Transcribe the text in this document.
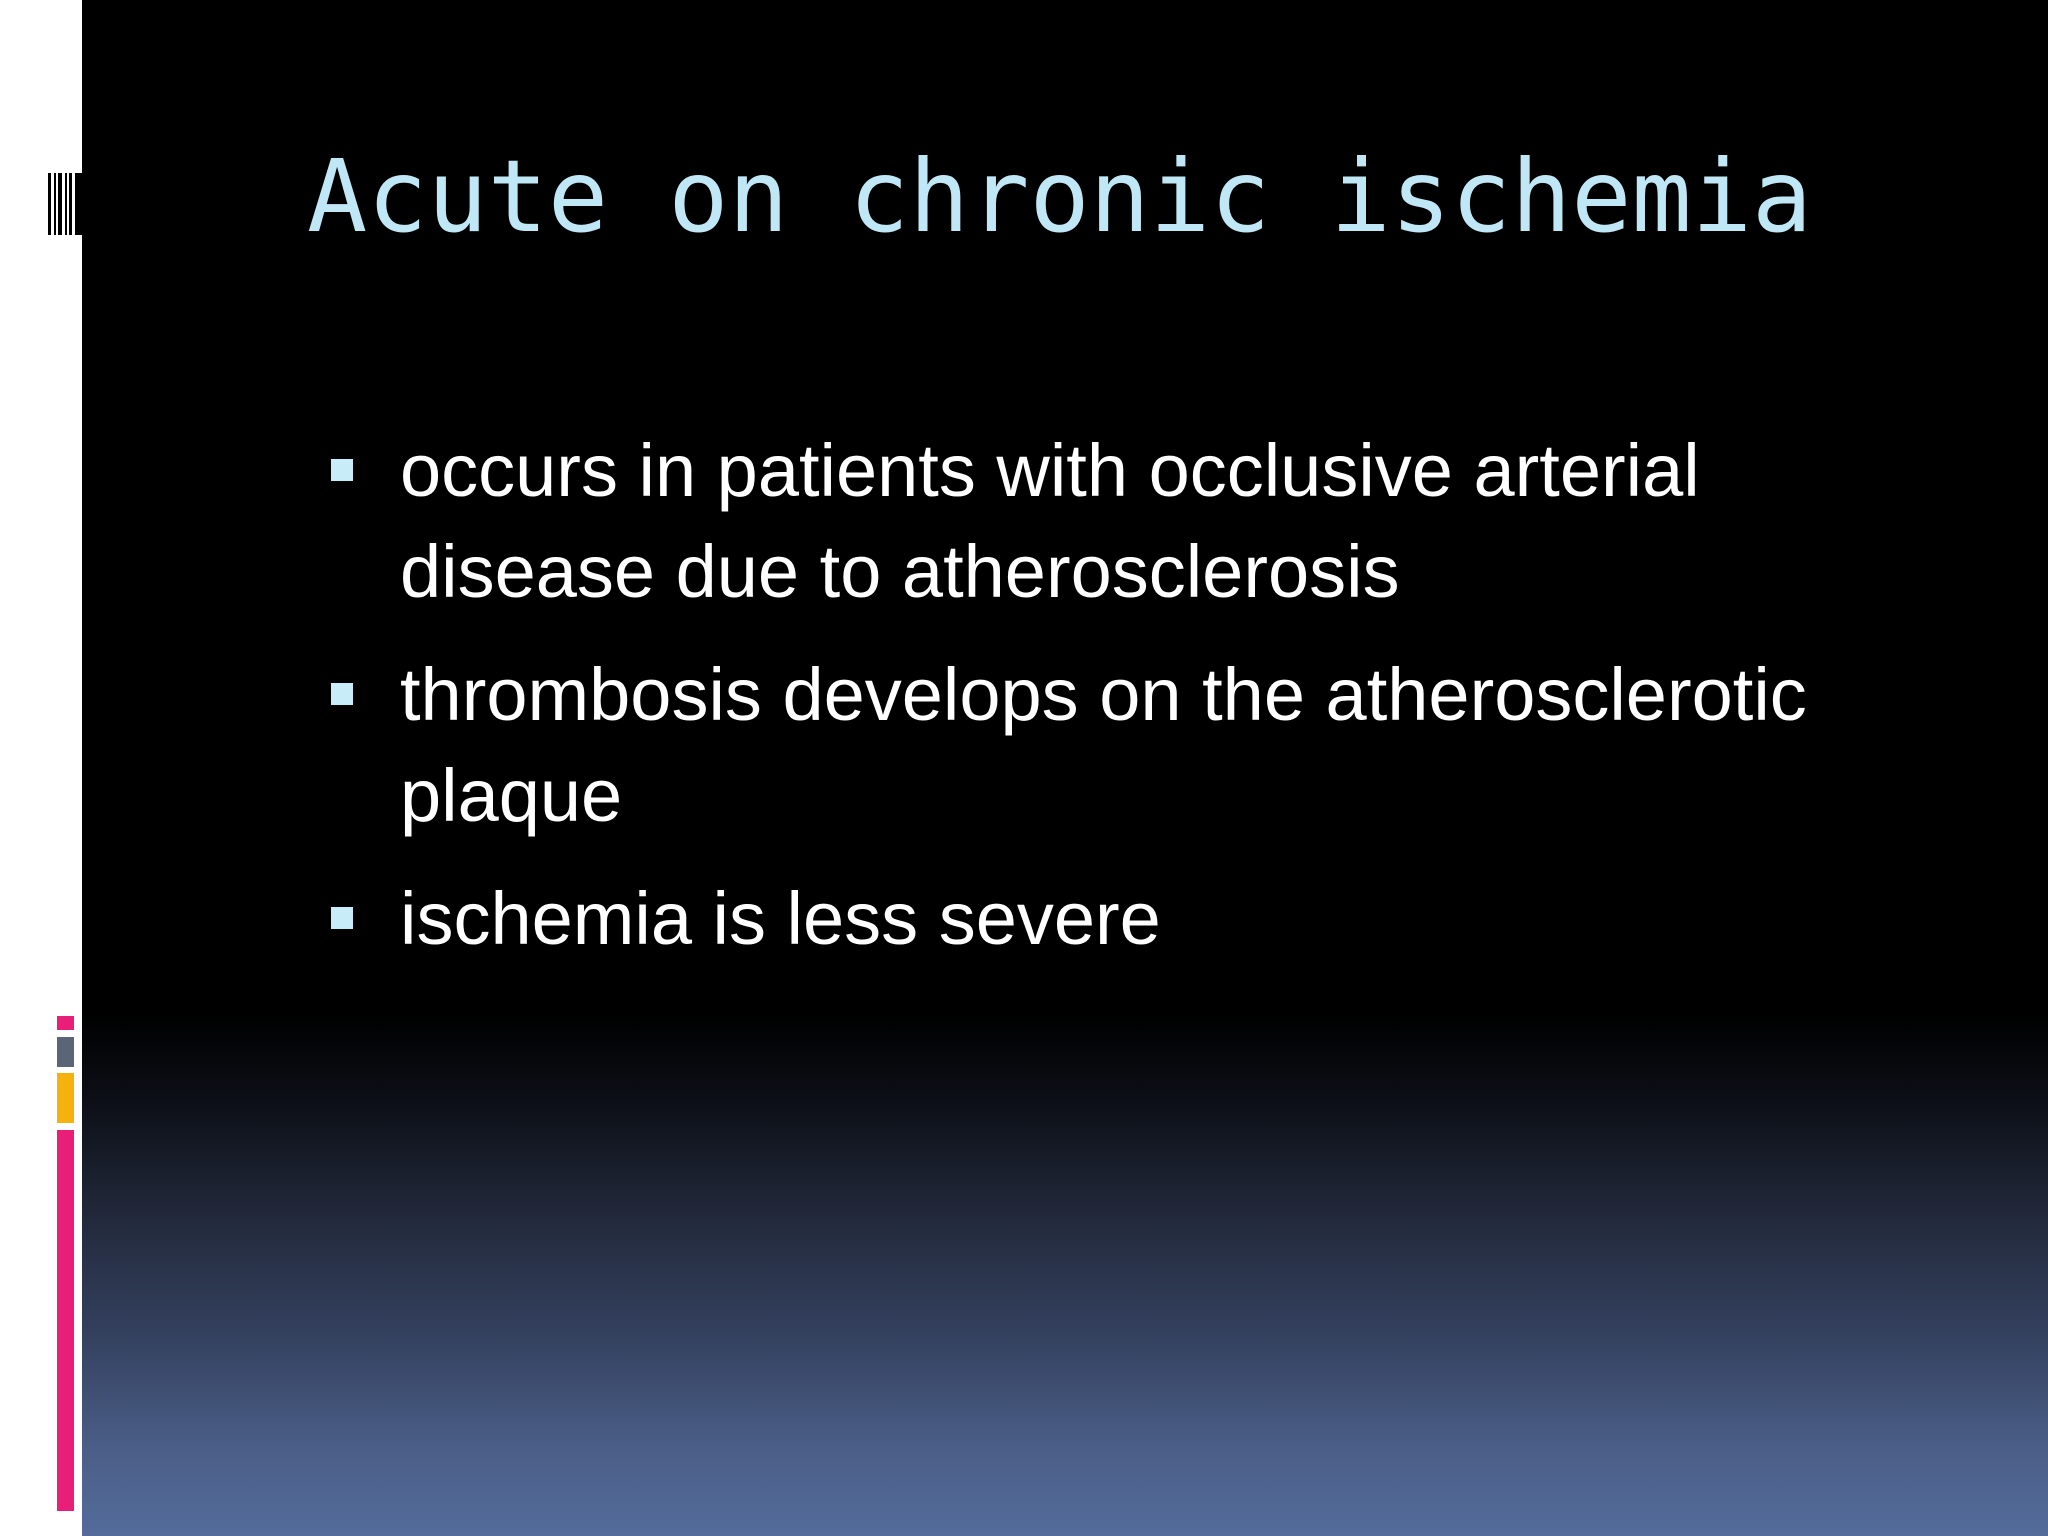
Acute on chronic ischemia
occurs in patients with occlusive arterial disease due to atherosclerosis
thrombosis develops on the atherosclerotic plaque
ischemia is less severe
